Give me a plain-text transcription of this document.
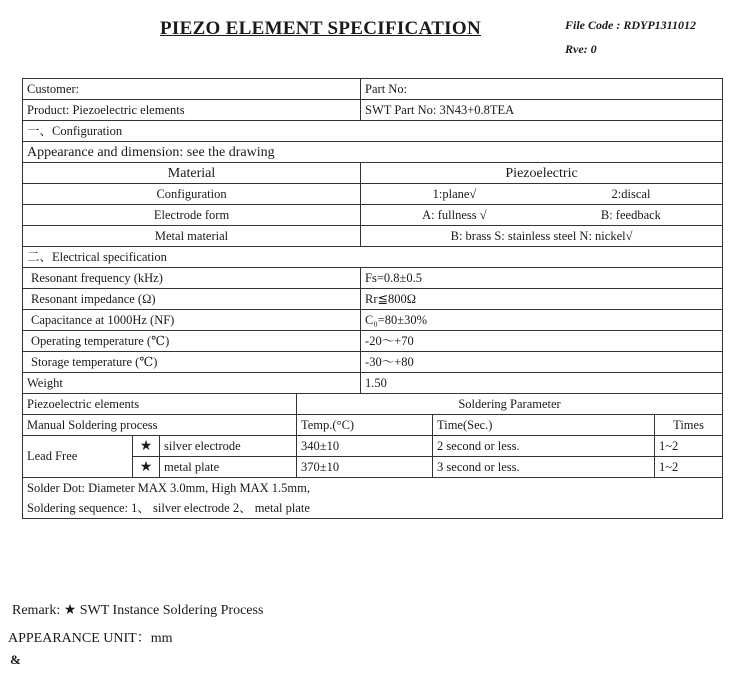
PIEZO ELEMENT SPECIFICATION	File Code : RDYP1311012
Rve: 0
Customer:				Part No:		
Product: Piezoelectric elements				SWT Part No: 3N43+0.8TEA		
一、Configuration						
Appearance and dimension: see the drawing						
Material				Piezoelectric		
Configuration				1:plane√ 2:discal		

Electrode form				A: fullness √ B: feedback		

Metal material				B: brass S: stainless steel N: nickel√		
二、Electrical specification						
Resonant frequency (kHz)				Fs=0.8±0.5		
Resonant impedance (Ω)				Rr≦800Ω		
Capacitance at 1000Hz (NF)				C₀=80±30%		
Operating temperature (℃)				-20～+70		
Storage temperature (℃)				-30～+80		
Weight				1.50		
Piezoelectric elements			Soldering Parameter			
Manual Soldering process			Temp.(°C)		Time(Sec.)	Times
Lead Free	★	silver electrode	340±10		2 second or less.	1~2
	★	metal plate	370±10		3 second or less.	1~2
Solder Dot: Diameter MAX 3.0mm, High MAX 1.5mm,						
Soldering sequence: 1、 silver electrode 2、 metal plate						
Remark: ★ SWT Instance Soldering Process
APPEARANCE UNIT：mm
&
